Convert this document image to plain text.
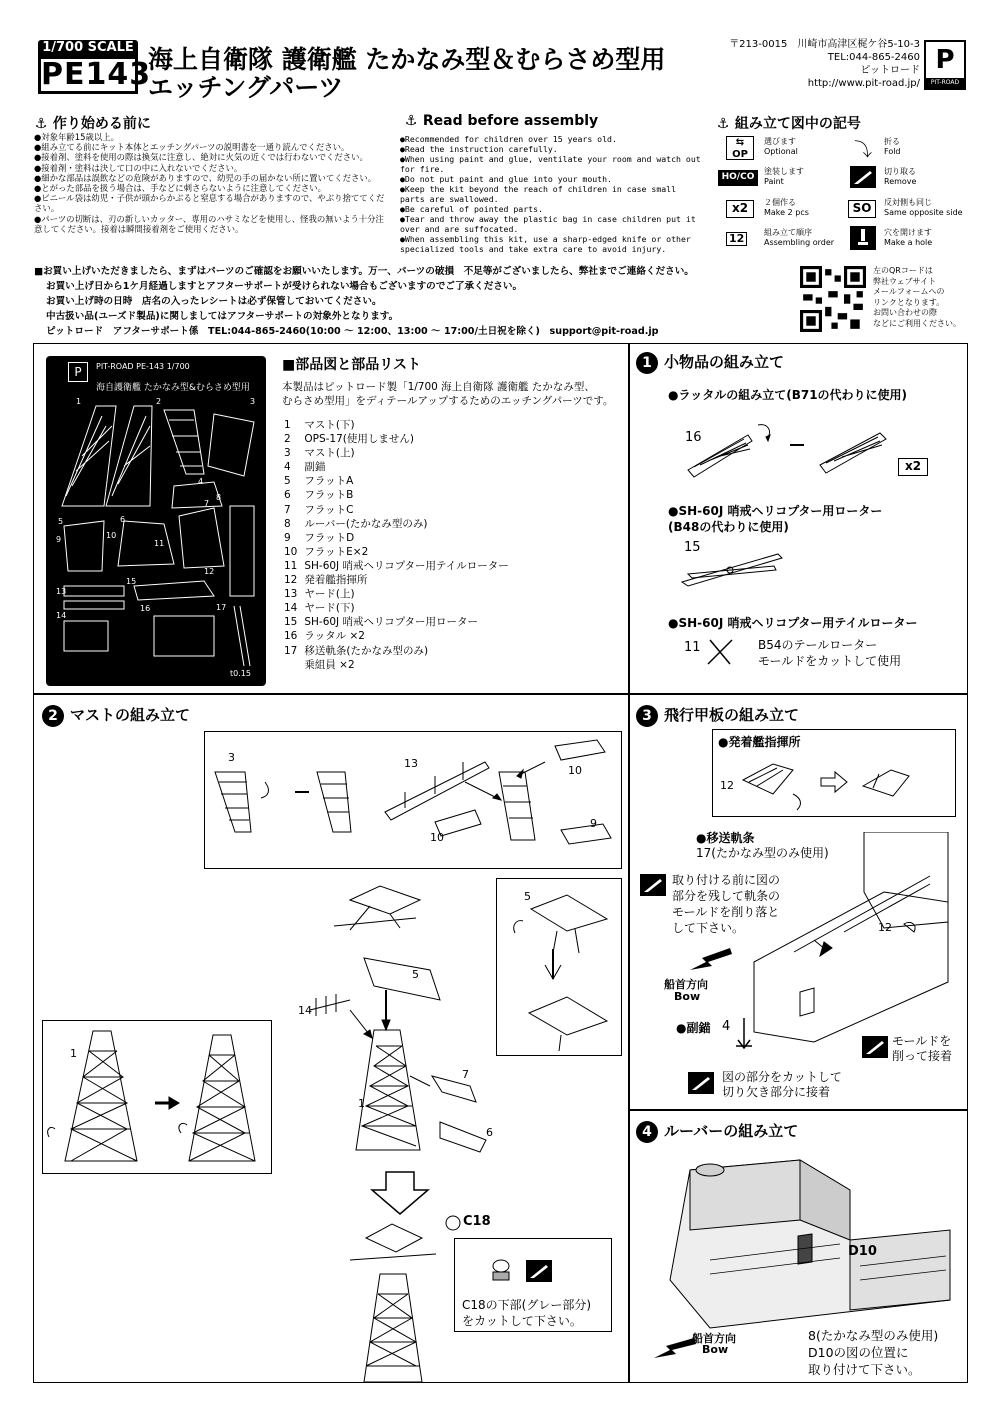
1/700 SCALE
PE143
海上自衛隊 護衛艦 たかなみ型＆むらさめ型用
エッチングパーツ
〒213-0015　川崎市高津区梶ケ谷5-10-3
TEL:044-865-2460
ピットロード
http://www.pit-road.jp/
P
PIT-ROAD
⚓ 作り始める前に
●対象年齢15歳以上。
●組み立てる前にキット本体とエッチングパーツの説明書を一通り読んでください。
●接着剤、塗料を使用の際は換気に注意し、絶対に火気の近くでは行わないでください。
●接着剤・塗料は決して口の中に入れないでください。
●細かな部品は誤飲などの危険がありますので、幼児の手の届かない所に置いてください。
●とがった部品を扱う場合は、手などに刺さらないように注意してください。
●ビニール袋は幼児・子供が頭からかぶると窒息する場合がありますので、やぶり捨ててください。
●パーツの切断は、刃の新しいカッター、専用のハサミなどを使用し、怪我の無いよう十分注意してください。接着は瞬間接着剤をご使用ください。
⚓ Read before assembly
●Recommended for children over 15 years old.
●Read the instruction carefully.
●When using paint and glue, ventilate your room and watch out for fire.
●Do not put paint and glue into your mouth.
●Keep the kit beyond the reach of children in case small parts are swallowed.
●Be careful of pointed parts.
●Tear and throw away the plastic bag in case children put it over and are suffocated.
●When assembling this kit, use a sharp-edged knife or other specialized tools and take extra care to avoid injury.
⚓ 組み立て図中の記号
⇆
OP
選びます
Optional	⤵ 折る
Fold
HO/CO
塗装します
Paint
切り取る
Remove
x2	２個作る
Make 2 pcs	SO	反対側も同じ
Same opposite side
12	組み立て順序
Assembling order
穴を開けます
Make a hole
■お買い上げいただきましたら、まずはパーツのご確認をお願いいたします。万一、パーツの破損　不足等がございましたら、弊社までご連絡ください。
お買い上げ日から1ケ月経過しますとアフターサポートが受けられない場合もございますのでご了承ください。
お買い上げ時の日時　店名の入ったレシートは必ず保管しておいてください。
中古扱い品(ユーズド製品)に関しましてはアフターサポートの対象外となります。
ピットロード　アフターサポート係　TEL:044-865-2460(10:00 ～ 12:00、13:00 ～ 17:00/土日祝を除く)　support@pit-road.jp
左のQRコードは
弊社ウェブサイト
メールフォームへの
リンクとなります。
お問い合わせの際
などにご利用ください。
P	PIT-ROAD PE-143 1/700
海自護衛艦 たかなみ型&むらさめ型用
1	2	3
4
5	6
7
8
9	10
11
12
13
14
15
16	17
t0.15
■部品図と部品リスト
本製品はピットロード製「1/700 海上自衛隊 護衛艦 たかなみ型、
むらさめ型用」をディテールアップするためのエッチングパーツです。
1 マスト(下)
2 OPS-17(使用しません)
3 マスト(上)
4 副錨
5 フラットA
6 フラットB
7 フラットC
8 ルーバー(たかなみ型のみ)
9 フラットD
10 フラットE×2
11 SH-60J 哨戒ヘリコプター用テイルローター
12 発着艦指揮所
13 ヤード(上)
14 ヤード(下)
15 SH-60J 哨戒ヘリコプター用ローター
16 ラッタル ×2
17 移送軌条(たかなみ型のみ)
乗組員 ×2
1 小物品の組み立て
●ラッタルの組み立て(B71の代わりに使用)
16
x2
●SH-60J 哨戒ヘリコプター用ローター
(B48の代わりに使用)
15
●SH-60J 哨戒ヘリコプター用テイルローター
11	B54のテールローター
モールドをカットして使用
2 マストの組み立て
3	13
10
10
9
5
5
14
1
7
6
1
C18
C18の下部(グレー部分)
をカットして下さい。
3 飛行甲板の組み立て
●発着艦指揮所
12
●移送軌条
17(たかなみ型のみ使用)
取り付ける前に図の
部分を残して軌条の
モールドを削り落と
して下さい。	12
船首方向
Bow
●副錨 4
モールドを
削って接着
図の部分をカットして
切り欠き部分に接着
4 ルーバーの組み立て
D10
船首方向
Bow
8(たかなみ型のみ使用)
D10の図の位置に
取り付けて下さい。
